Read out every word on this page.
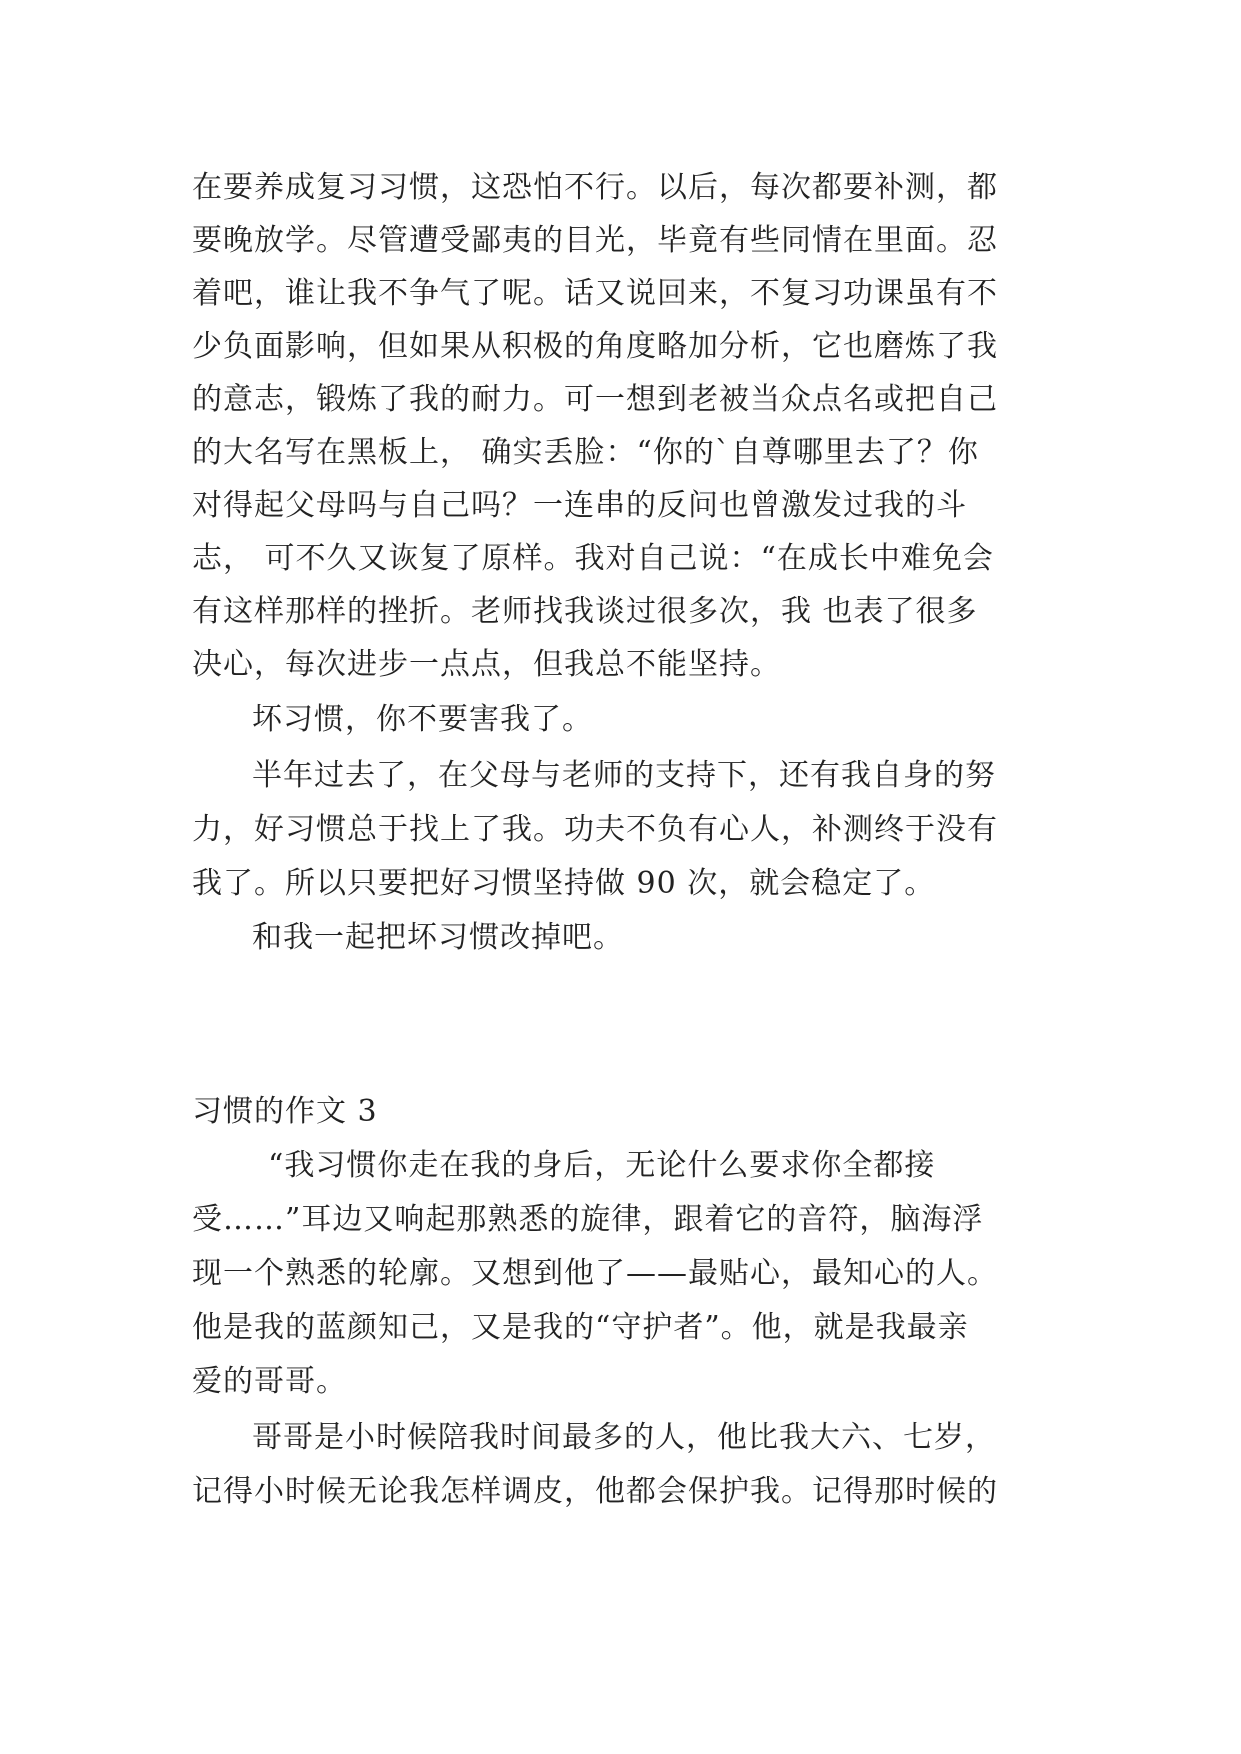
在要养成复习习惯，这恐怕不行。以后，每次都要补测，都
要晚放学。尽管遭受鄙夷的目光，毕竟有些同情在里面。忍
着吧，谁让我不争气了呢。话又说回来，不复习功课虽有不
少负面影响，但如果从积极的角度略加分析，它也磨炼了我
的意志，锻炼了我的耐力。可一想到老被当众点名或把自己
的大名写在黑板上， 确实丢脸：“你的`自尊哪里去了？你
对得起父母吗与自己吗？一连串的反问也曾激发过我的斗
志， 可不久又诙复了原样。我对自己说：“在成长中难免会
有这样那样的挫折。老师找我谈过很多次，我 也表了很多
决心，每次进步一点点，但我总不能坚持。
坏习惯，你不要害我了。
半年过去了，在父母与老师的支持下，还有我自身的努
力，好习惯总于找上了我。功夫不负有心人，补测终于没有
我了。所以只要把好习惯坚持做 90 次，就会稳定了。
和我一起把坏习惯改掉吧。
习惯的作文 3
“我习惯你走在我的身后，无论什么要求你全都接
受……”耳边又响起那熟悉的旋律，跟着它的音符，脑海浮
现一个熟悉的轮廓。又想到他了——最贴心，最知心的人。
他是我的蓝颜知己，又是我的“守护者”。他，就是我最亲
爱的哥哥。
哥哥是小时候陪我时间最多的人，他比我大六、七岁，
记得小时候无论我怎样调皮，他都会保护我。记得那时候的
